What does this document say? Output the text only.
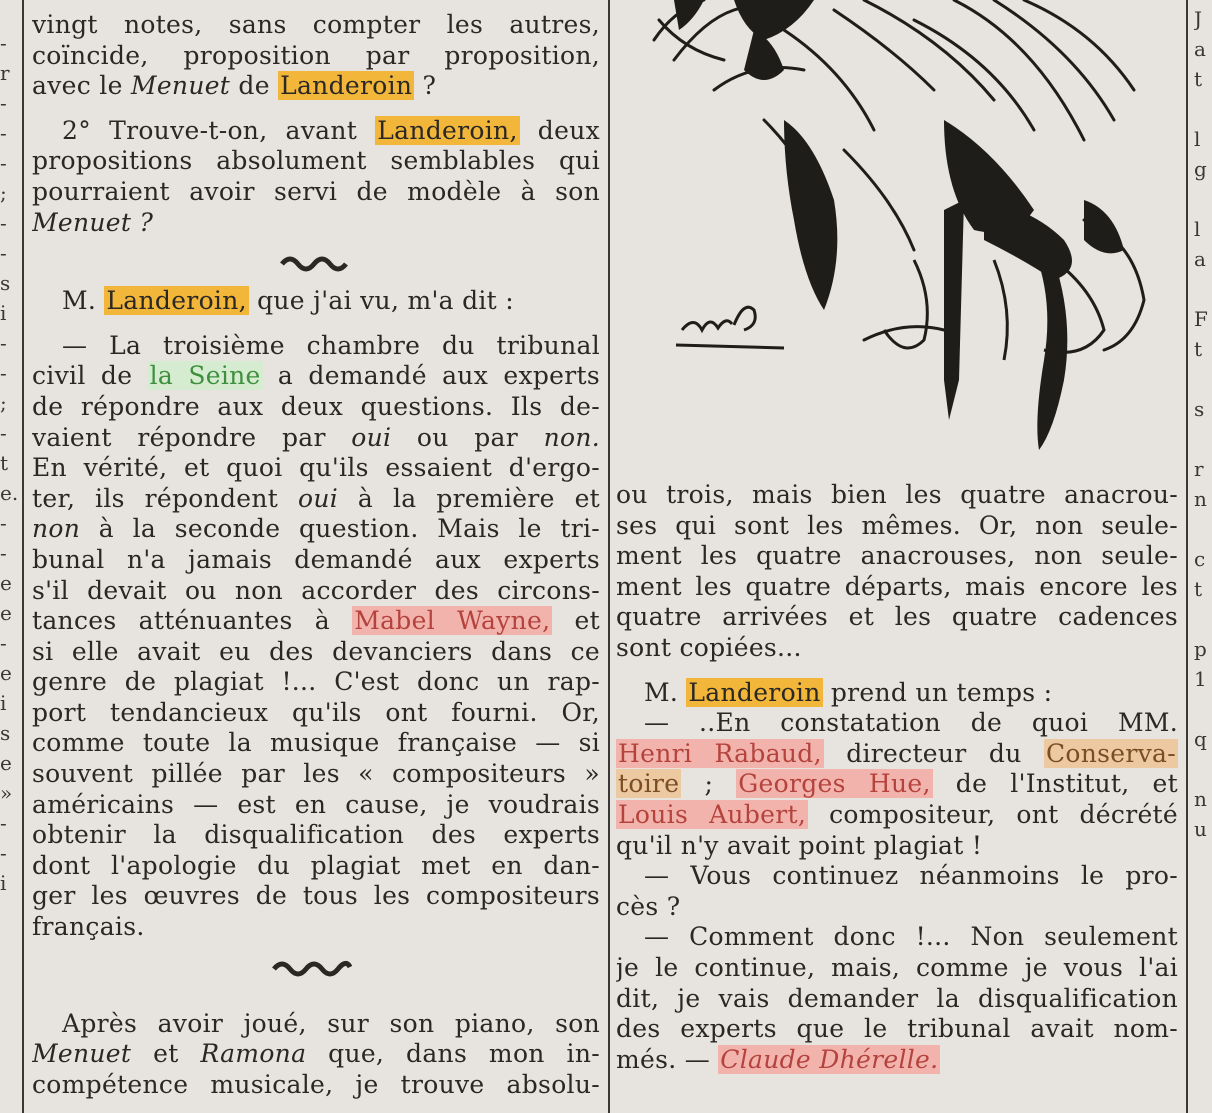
-
r
-
-
-
;
-
-
s
i
-
-
;
-
t
e.
-
-
e
e
-
e
i
s
e
»
-
-
i
J
a
t

l
g

l
a

F
t

s

r
n

c
t

p
1

q

n
u
vingt notes, sans compter les autres,
coïncide, proposition par proposition,
avec le Menuet de Landeroin ?
2° Trouve-t-on, avant Landeroin, deux
propositions absolument semblables qui
pourraient avoir servi de modèle à son
Menuet ?
M. Landeroin, que j'ai vu, m'a dit :
— La troisième chambre du tribunal
civil de la Seine a demandé aux experts
de répondre aux deux questions. Ils de-
vaient répondre par oui ou par non.
En vérité, et quoi qu'ils essaient d'ergo-
ter, ils répondent oui à la première et
non à la seconde question. Mais le tri-
bunal n'a jamais demandé aux experts
s'il devait ou non accorder des circons-
tances atténuantes à Mabel Wayne, et
si elle avait eu des devanciers dans ce
genre de plagiat !... C'est donc un rap-
port tendancieux qu'ils ont fourni. Or,
comme toute la musique française — si
souvent pillée par les « compositeurs »
américains — est en cause, je voudrais
obtenir la disqualification des experts
dont l'apologie du plagiat met en dan-
ger les œuvres de tous les compositeurs
français.
Après avoir joué, sur son piano, son
Menuet et Ramona que, dans mon in-
compétence musicale, je trouve absolu-
ou trois, mais bien les quatre anacrou-
ses qui sont les mêmes. Or, non seule-
ment les quatre anacrouses, non seule-
ment les quatre départs, mais encore les
quatre arrivées et les quatre cadences
sont copiées...
M. Landeroin prend un temps :
— ..En constatation de quoi MM.
Henri Rabaud, directeur du Conserva-
toire ; Georges Hue, de l'Institut, et
Louis Aubert, compositeur, ont décrété
qu'il n'y avait point plagiat !
— Vous continuez néanmoins le pro-
cès ?
— Comment donc !... Non seulement
je le continue, mais, comme je vous l'ai
dit, je vais demander la disqualification
des experts que le tribunal avait nom-
més. — Claude Dhérelle.
